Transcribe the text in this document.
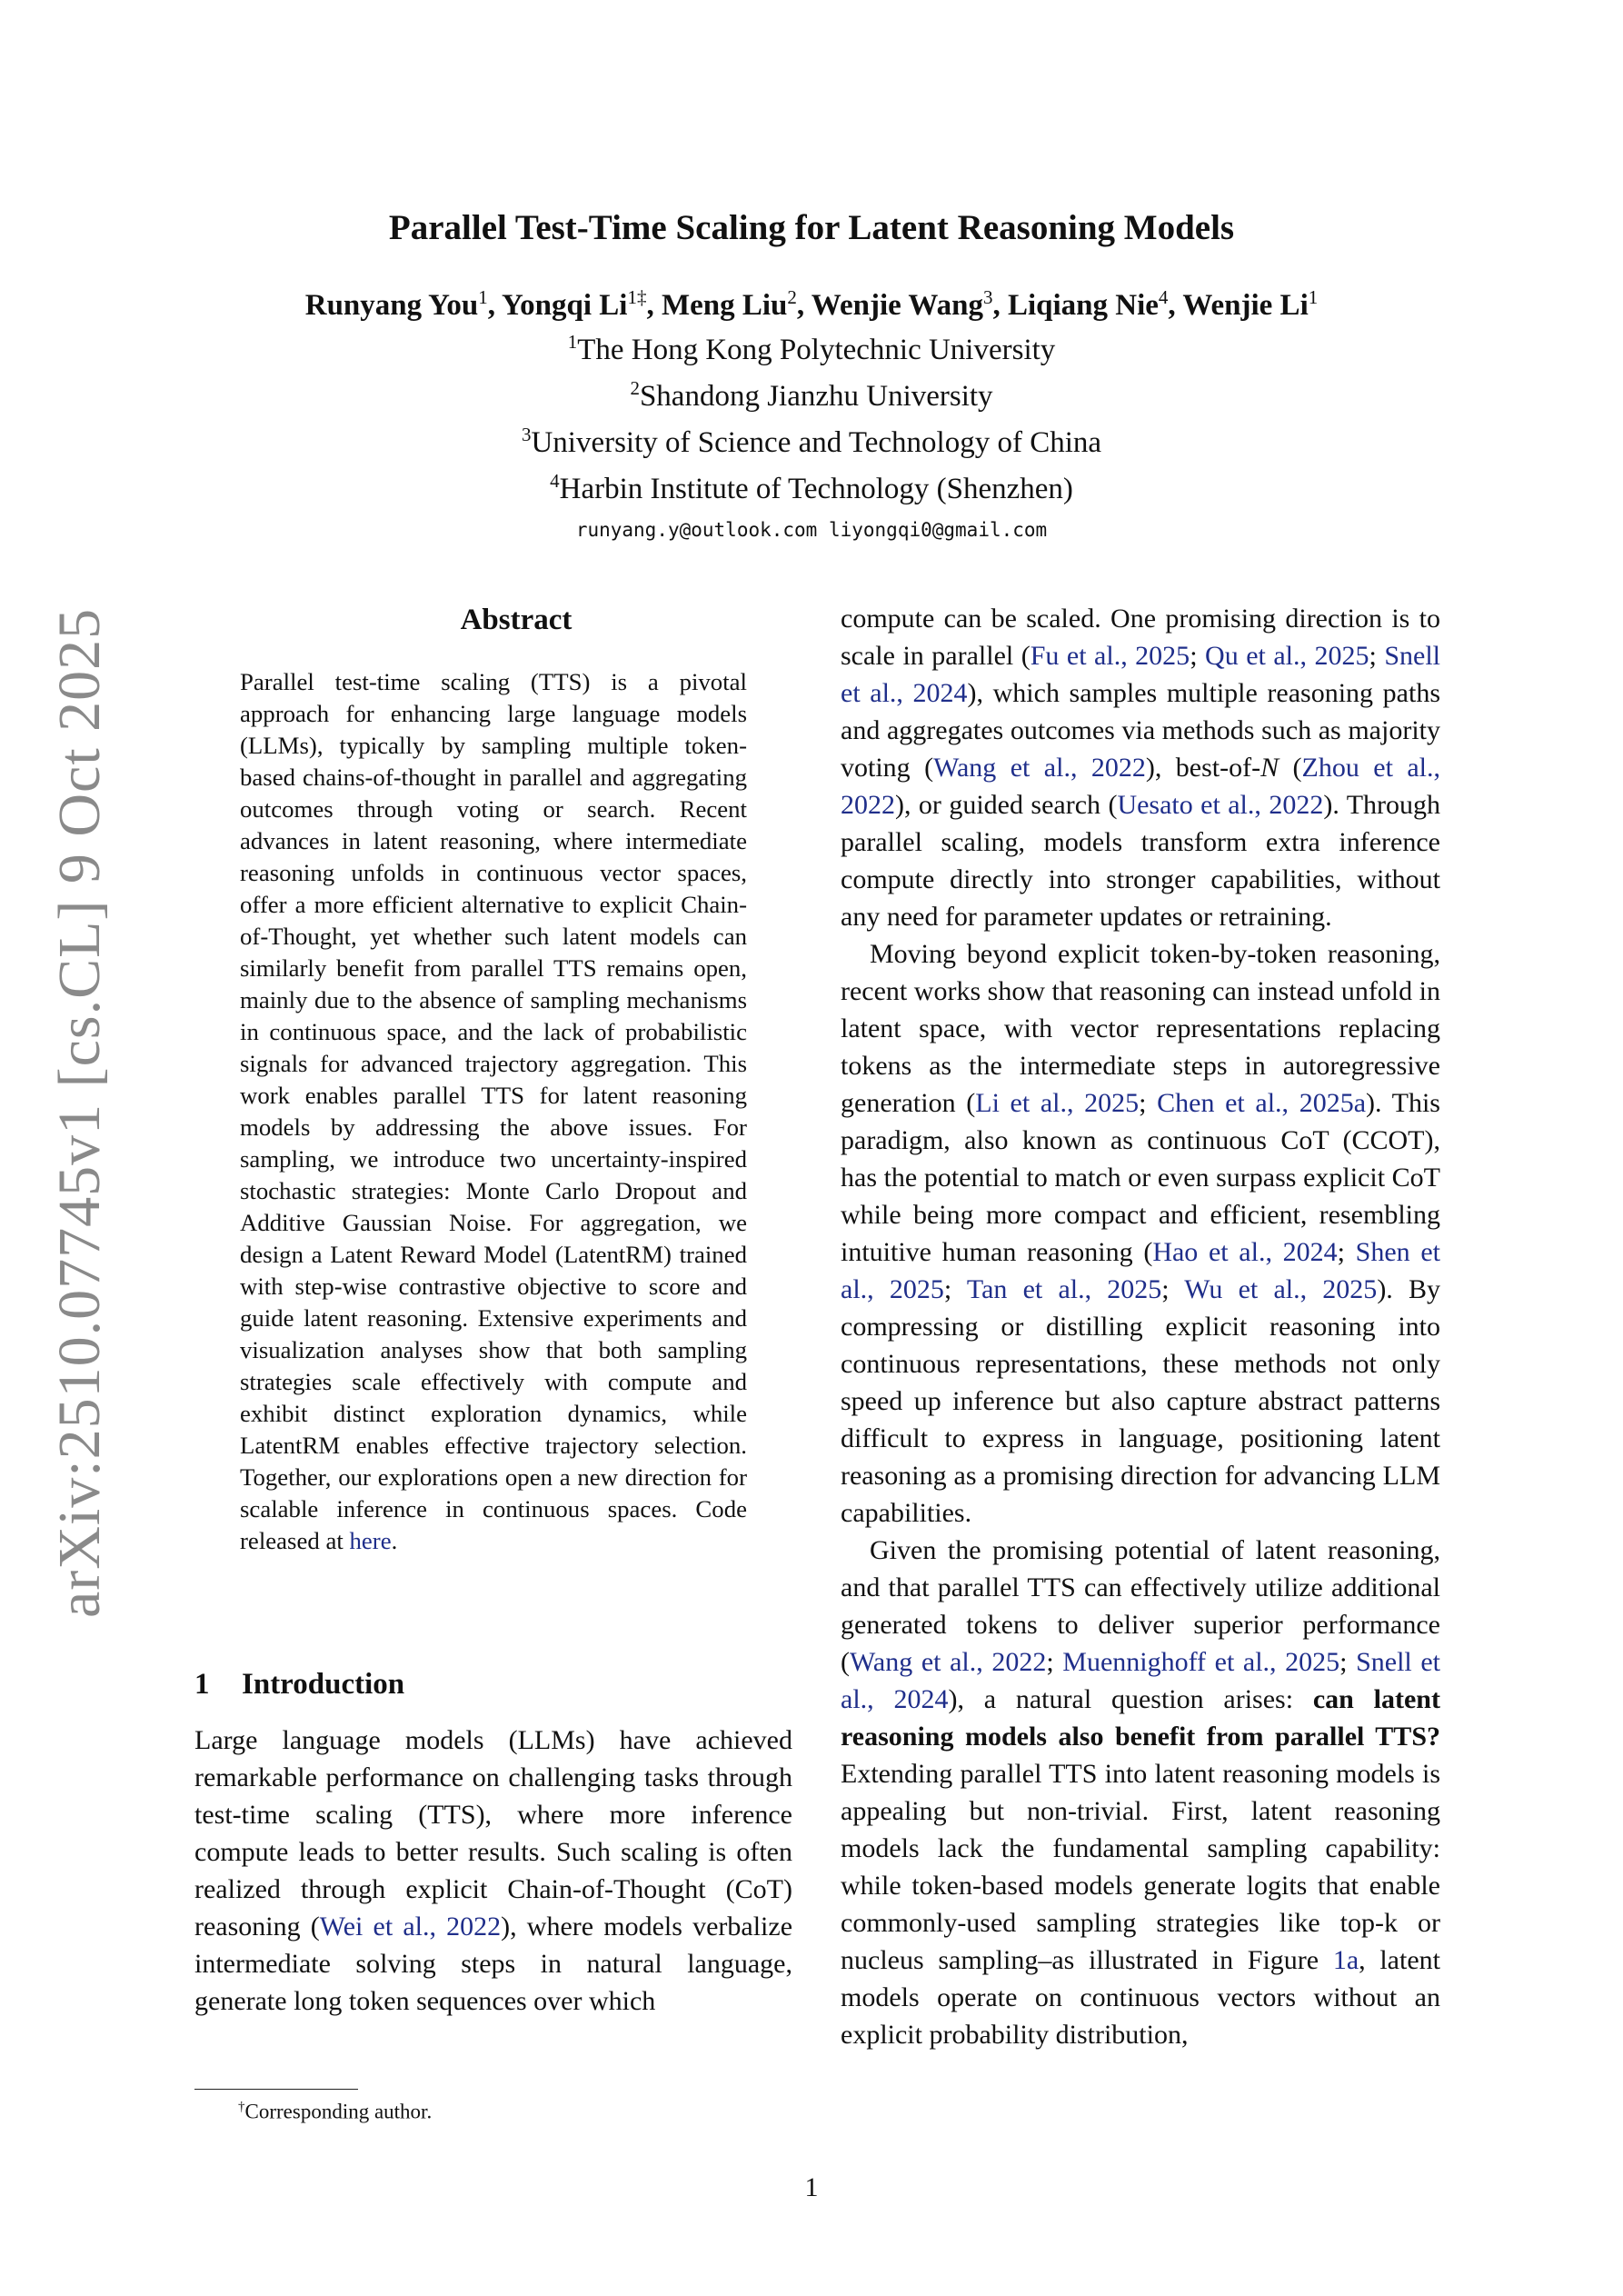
arXiv:2510.07745v1 [cs.CL] 9 Oct 2025
Parallel Test-Time Scaling for Latent Reasoning Models
Runyang You$^1$, Yongqi $Li^{1\ddagger}$, Meng Liu$^2$, Wenjie Wang$^3$, Liqiang Nie$^4$, Wenjie Li$^1$
$^1$The Hong Kong Polytechnic University
$^2$Shandong Jianzhu University
$^3$University of Science and Technology of China
$^4$Harbin Institute of Technology (Shenzhen)
runyang.y@outlook.com liyongqi0@gmail.com
Abstract
Parallel test-time scaling (TTS) is a pivotal approach for enhancing large language models (LLMs), typically by sampling multiple token-based chains-of-thought in parallel and aggregating outcomes through voting or search. Recent advances in latent reasoning, where intermediate reasoning unfolds in continuous vector spaces, offer a more efficient alternative to explicit Chain-of-Thought, yet whether such latent models can similarly benefit from parallel TTS remains open, mainly due to the absence of sampling mechanisms in continuous space, and the lack of probabilistic signals for advanced trajectory aggregation. This work enables parallel TTS for latent reasoning models by addressing the above issues. For sampling, we introduce two uncertainty-inspired stochastic strategies: Monte Carlo Dropout and Additive Gaussian Noise. For aggregation, we design a Latent Reward Model (LatentRM) trained with step-wise contrastive objective to score and guide latent reasoning. Extensive experiments and visualization analyses show that both sampling strategies scale effectively with compute and exhibit distinct exploration dynamics, while LatentRM enables effective trajectory selection. Together, our explorations open a new direction for scalable inference in continuous spaces. Code released at here.
1 Introduction

Large language models (LLMs) have achieved remarkable performance on challenging tasks through test-time scaling (TTS), where more inference compute leads to better results. Such scaling is often realized through explicit Chain-of-Thought (CoT) reasoning (Wei et al., 2022), where models verbalize intermediate solving steps in natural language, generate long token sequences over which

compute can be scaled. One promising direction is to scale in parallel (Fu et al., 2025; Qu et al., 2025; Snell et al., 2024), which samples multiple reasoning paths and aggregates outcomes via methods such as majority voting (Wang et al., 2022), best-of-N (Zhou et al., 2022), or guided search (Uesato et al., 2022). Through parallel scaling, models transform extra inference compute directly into stronger capabilities, without any need for parameter updates or retraining.

Moving beyond explicit token-by-token reasoning, recent works show that reasoning can instead unfold in latent space, with vector representations replacing tokens as the intermediate steps in autoregressive generation (Li et al., 2025; Chen et al., 2025a). This paradigm, also known as continuous CoT (CCOT), has the potential to match or even surpass explicit CoT while being more compact and efficient, resembling intuitive human reasoning (Hao et al., 2024; Shen et al., 2025; Tan et al., 2025; Wu et al., 2025). By compressing or distilling explicit reasoning into continuous representations, these methods not only speed up inference but also capture abstract patterns difficult to express in language, positioning latent reasoning as a promising direction for advancing LLM capabilities.

Given the promising potential of latent reasoning, and that parallel TTS can effectively utilize additional generated tokens to deliver superior performance (Wang et al., 2022; Muennighoff et al., 2025; Snell et al., 2024), a natural question arises: can latent reasoning models also benefit from parallel TTS? Extending parallel TTS into latent reasoning models is appealing but non-trivial. First, latent reasoning models lack the fundamental sampling capability: while token-based models generate logits that enable commonly-used sampling strategies like top-k or nucleus sampling–as illustrated in Figure 1a, latent models operate on continuous vectors without an explicit probability distribution,

†Corresponding author.
1
